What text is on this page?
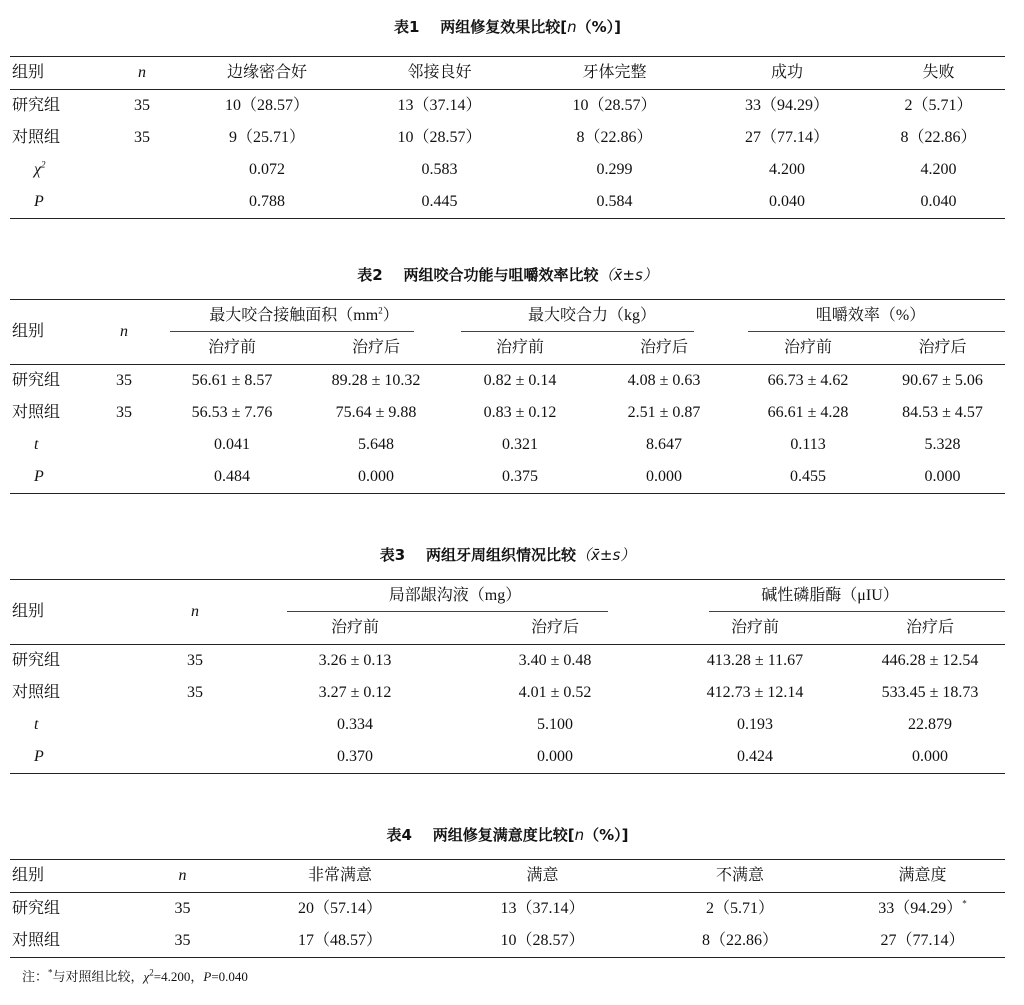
表1 两组修复效果比较[n（%）]
组别	n	边缘密合好	邻接良好	牙体完整	成功	失败
研究组	35	10（28.57）	13（37.14）	10（28.57）	33（94.29）	2（5.71）
对照组	35	9（25.71）	10（28.57）	8（22.86）	27（77.14）	8（22.86）
$\chi^2$		0.072	0.583	0.299	4.200	4.200
P		0.788	0.445	0.584	0.040	0.040
表2 两组咬合功能与咀嚼效率比较（x̄±s）
组别	n	最大咬合接触面积$(mm^2)$		最大咬合力（kg）		咀嚼效率（%）	

		治疗前	治疗后	治疗前	治疗后	治疗前	治疗后
研究组	35	56.61 ± 8.57	89.28 ± 10.32	0.82 ± 0.14	4.08 ± 0.63	66.73 ± 4.62	90.67 ± 5.06
对照组	35	56.53 ± 7.76	75.64 ± 9.88	0.83 ± 0.12	2.51 ± 0.87	66.61 ± 4.28	84.53 ± 4.57
t		0.041	5.648	0.321	8.647	0.113	5.328
P		0.484	0.000	0.375	0.000	0.455	0.000
表3 两组牙周组织情况比较（x̄±s）
组别	n	局部龈沟液（mg）		碱性磷脂酶（μIU）	

		治疗前	治疗后	治疗前	治疗后
研究组	35	3.26 ± 0.13	3.40 ± 0.48	413.28 ± 11.67	446.28 ± 12.54
对照组	35	3.27 ± 0.12	4.01 ± 0.52	412.73 ± 12.14	533.45 ± 18.73
t		0.334	5.100	0.193	22.879
P		0.370	0.000	0.424	0.000
表4 两组修复满意度比较[n（%）]
组别	n	非常满意	满意	不满意	满意度
研究组	35	20（57.14）	13（37.14）	2（5.71）	33（94.29）*
对照组	35	17（48.57）	10（28.57）	8（22.86）	27（77.14）
注：*与对照组比较，$\chi^2=4.200$，P=0.040
